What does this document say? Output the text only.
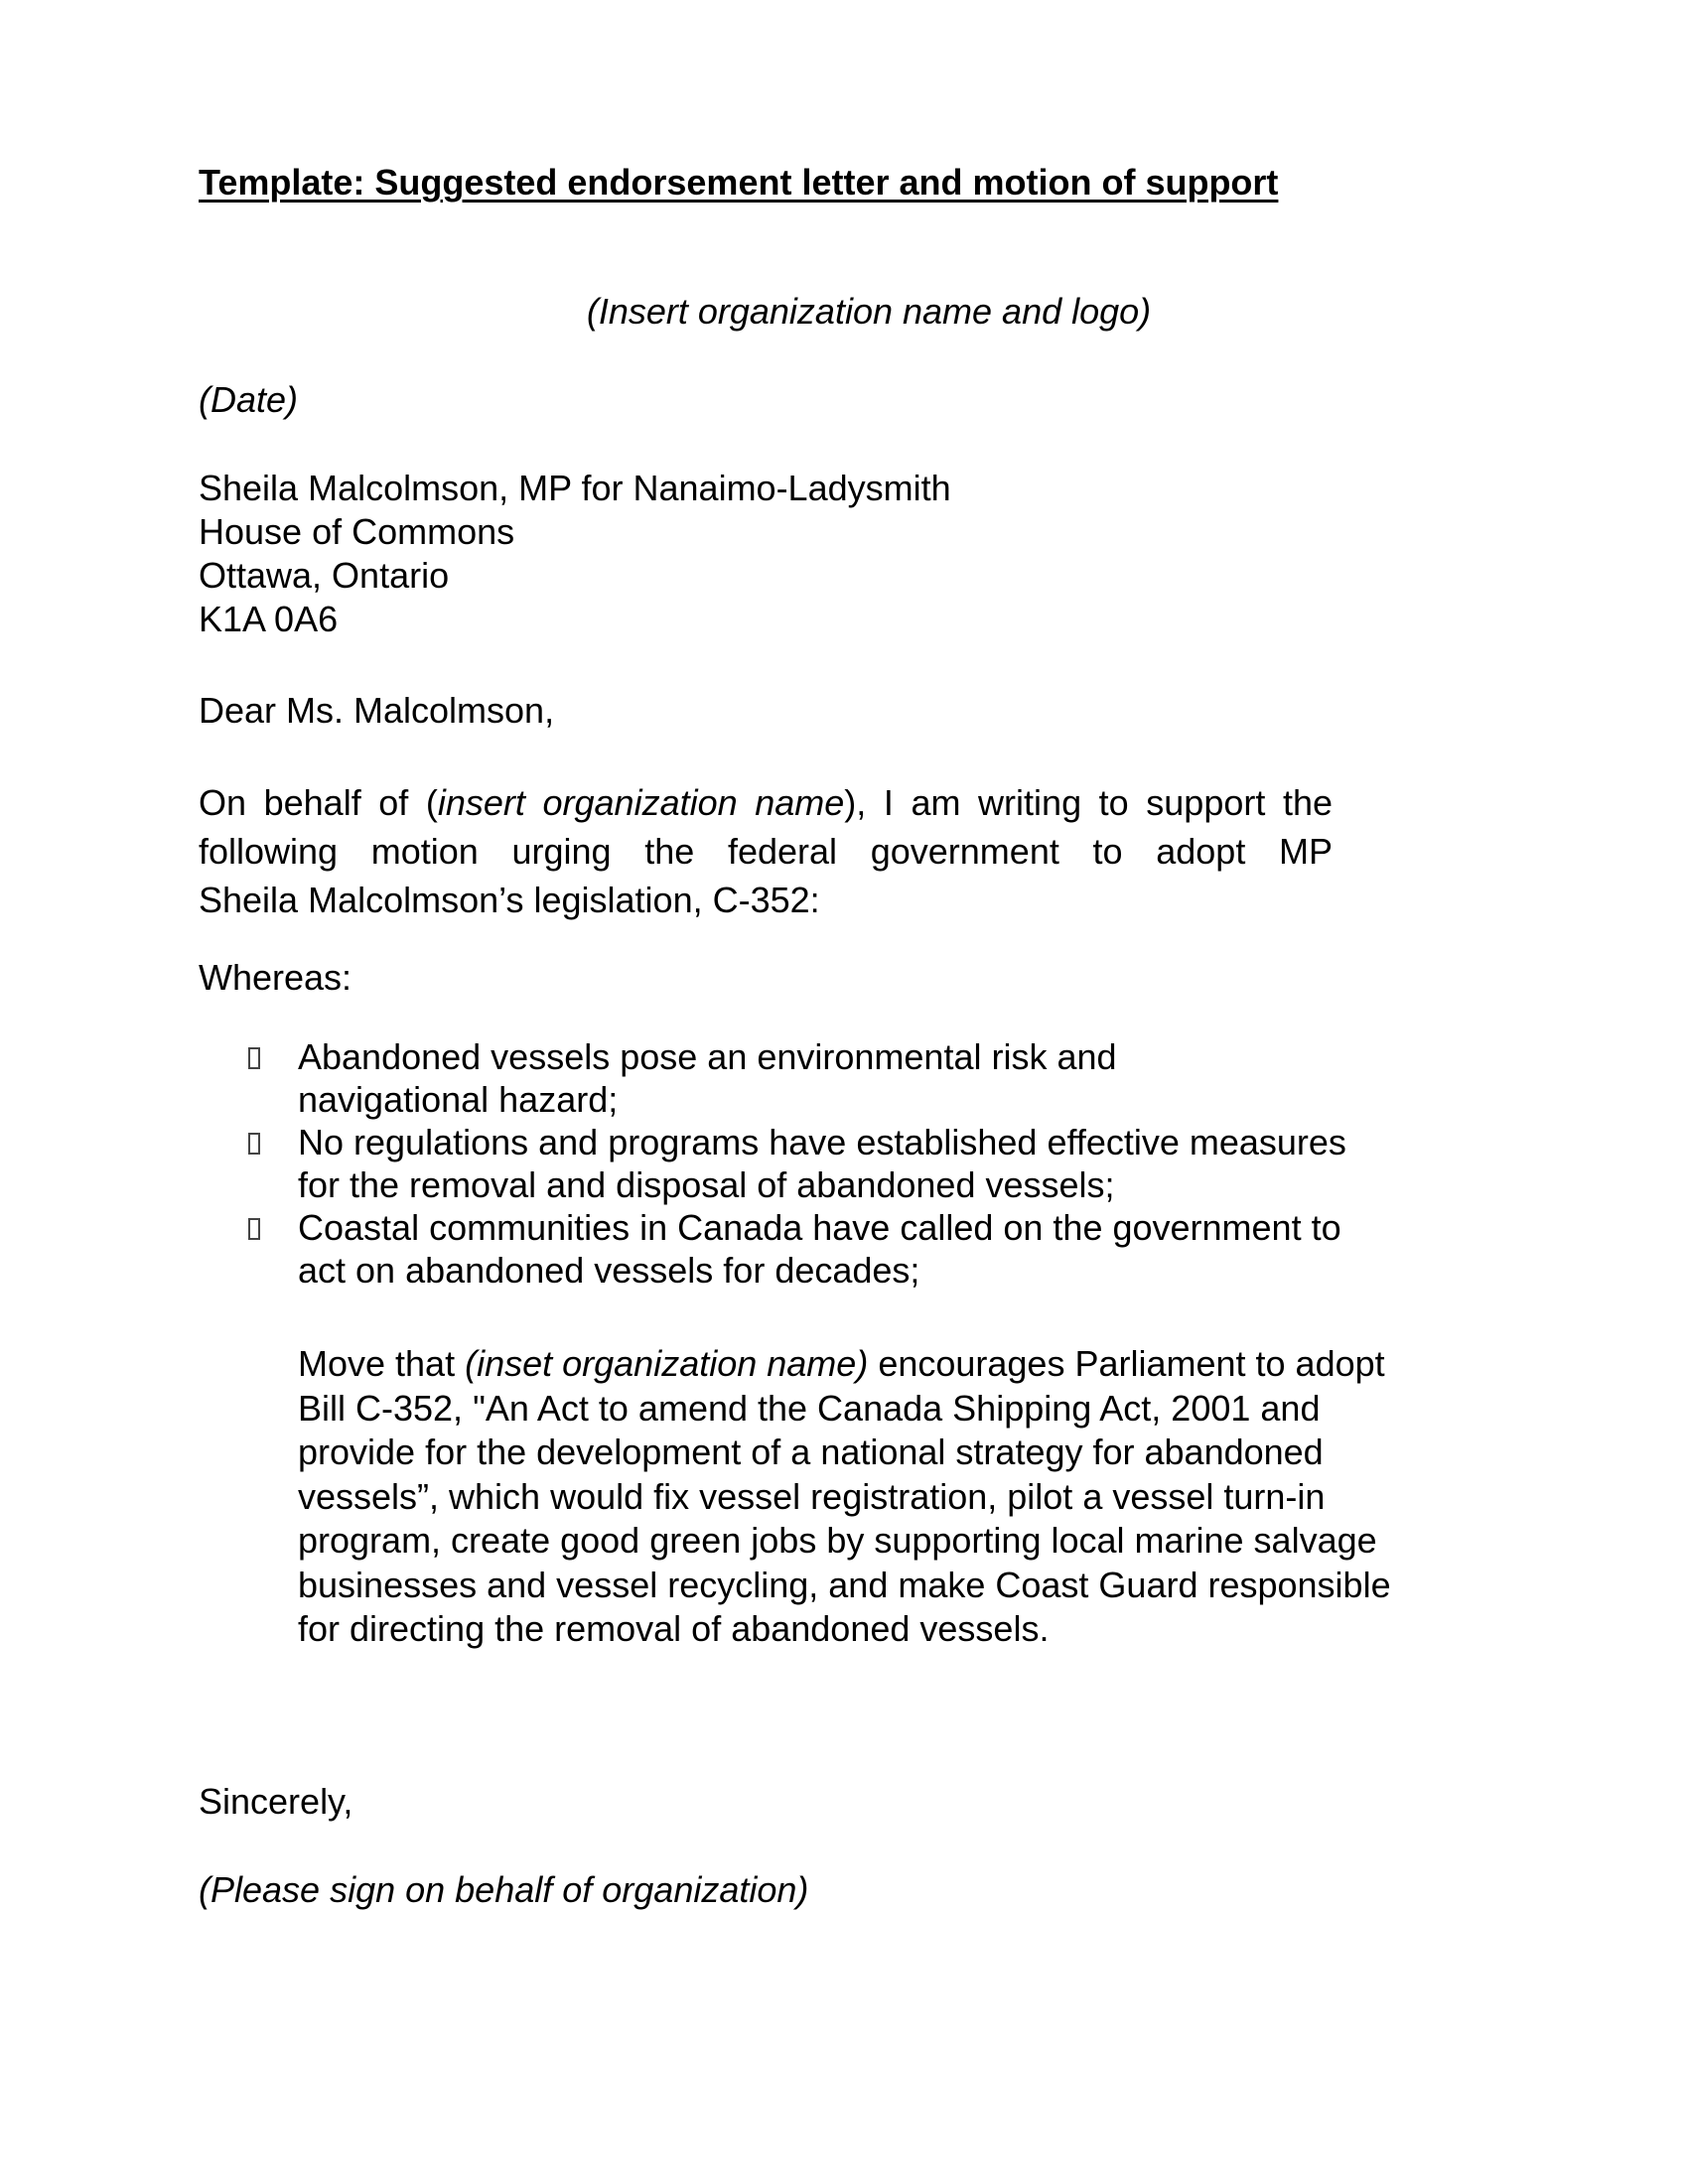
Template: Suggested endorsement letter and motion of support

(Insert organization name and logo)

(Date)

Sheila Malcolmson, MP for Nanaimo-Ladysmith
House of Commons
Ottawa, Ontario
K1A 0A6

Dear Ms. Malcolmson,

On behalf of (insert organization name), I am writing to support the
following motion urging the federal government to adopt MP
Sheila Malcolmson’s legislation, C-352:

Whereas:

Abandoned vessels pose an environmental risk and
navigational hazard;
No regulations and programs have established effective measures
for the removal and disposal of abandoned vessels;
Coastal communities in Canada have called on the government to
act on abandoned vessels for decades;
Move that (inset organization name) encourages Parliament to adopt
Bill C-352, "An Act to amend the Canada Shipping Act, 2001 and
provide for the development of a national strategy for abandoned
vessels”, which would fix vessel registration, pilot a vessel turn-in
program, create good green jobs by supporting local marine salvage
businesses and vessel recycling, and make Coast Guard responsible
for directing the removal of abandoned vessels.

Sincerely,

(Please sign on behalf of organization)
